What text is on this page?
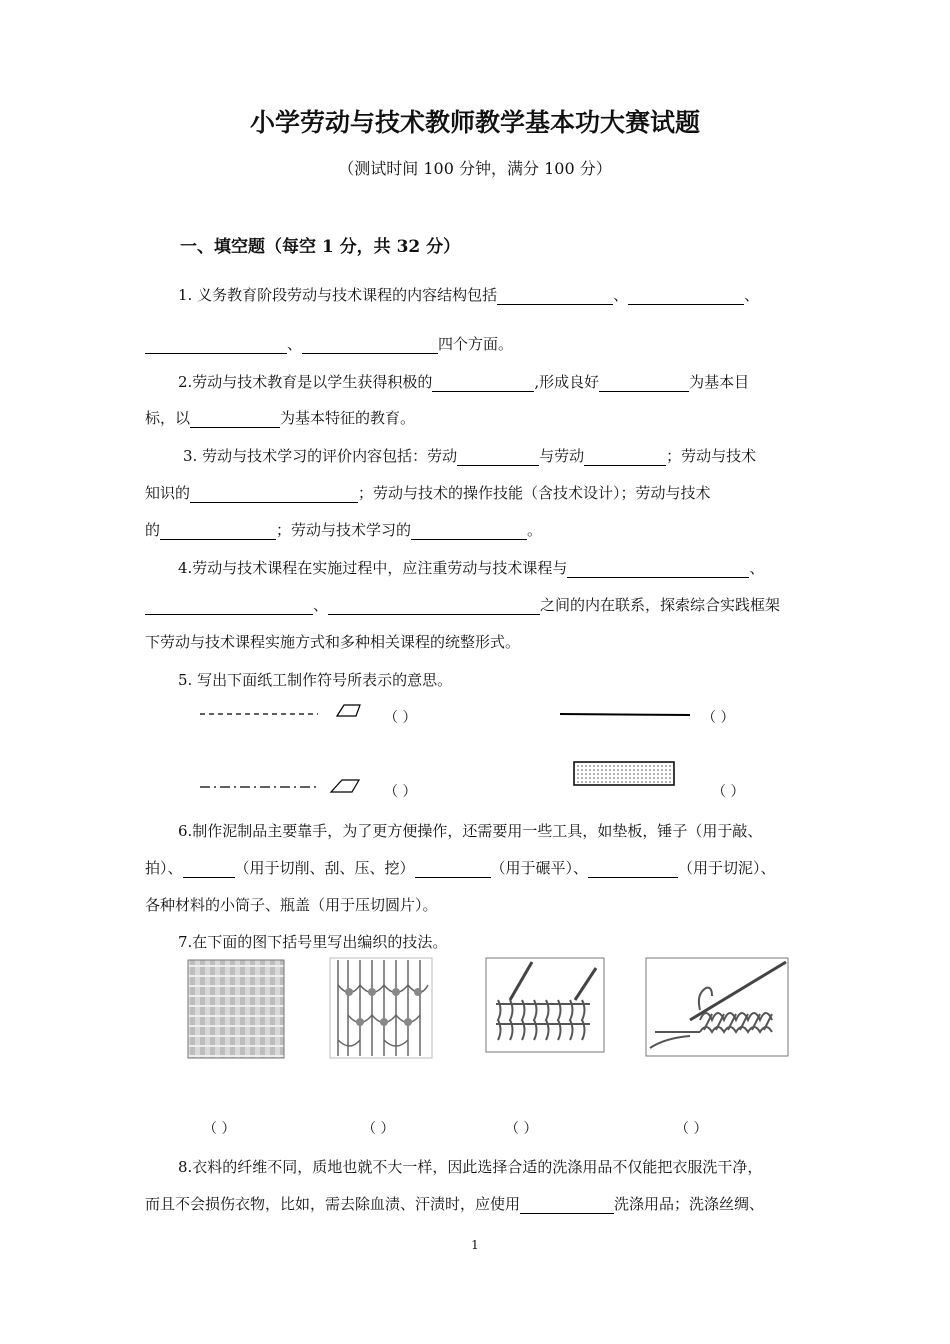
小学劳动与技术教师教学基本功大赛试题
（测试时间 100 分钟，满分 100 分）
一、填空题（每空 1 分，共 32 分）
1. 义务教育阶段劳动与技术课程的内容结构包括	、	、
、	四个方面。
2.劳动与技术教育是以学生获得积极的	,形成良好	为基本目
标，以	为基本特征的教育。
3. 劳动与技术学习的评价内容包括：劳动	与劳动	；劳动与技术
知识的	；劳动与技术的操作技能（含技术设计）；劳动与技术
的	；劳动与技术学习的	。
4.劳动与技术课程在实施过程中，应注重劳动与技术课程与	、
、	之间的内在联系，探索综合实践框架
下劳动与技术课程实施方式和多种相关课程的统整形式。
5. 写出下面纸工制作符号所表示的意思。
（ ）	（ ）
（ ）	（ ）
6.制作泥制品主要靠手，为了更方便操作，还需要用一些工具，如垫板，锤子（用于敲、
拍）、	（用于切削、刮、压、挖）	（用于碾平）、	（用于切泥）、
各种材料的小筒子、瓶盖（用于压切圆片）。
7.在下面的图下括号里写出编织的技法。
（ ）	（ ）	（ ）	（ ）
8.衣料的纤维不同，质地也就不大一样，因此选择合适的洗涤用品不仅能把衣服洗干净，
而且不会损伤衣物，比如，需去除血渍、汗渍时，应使用	洗涤用品；洗涤丝绸、
1
